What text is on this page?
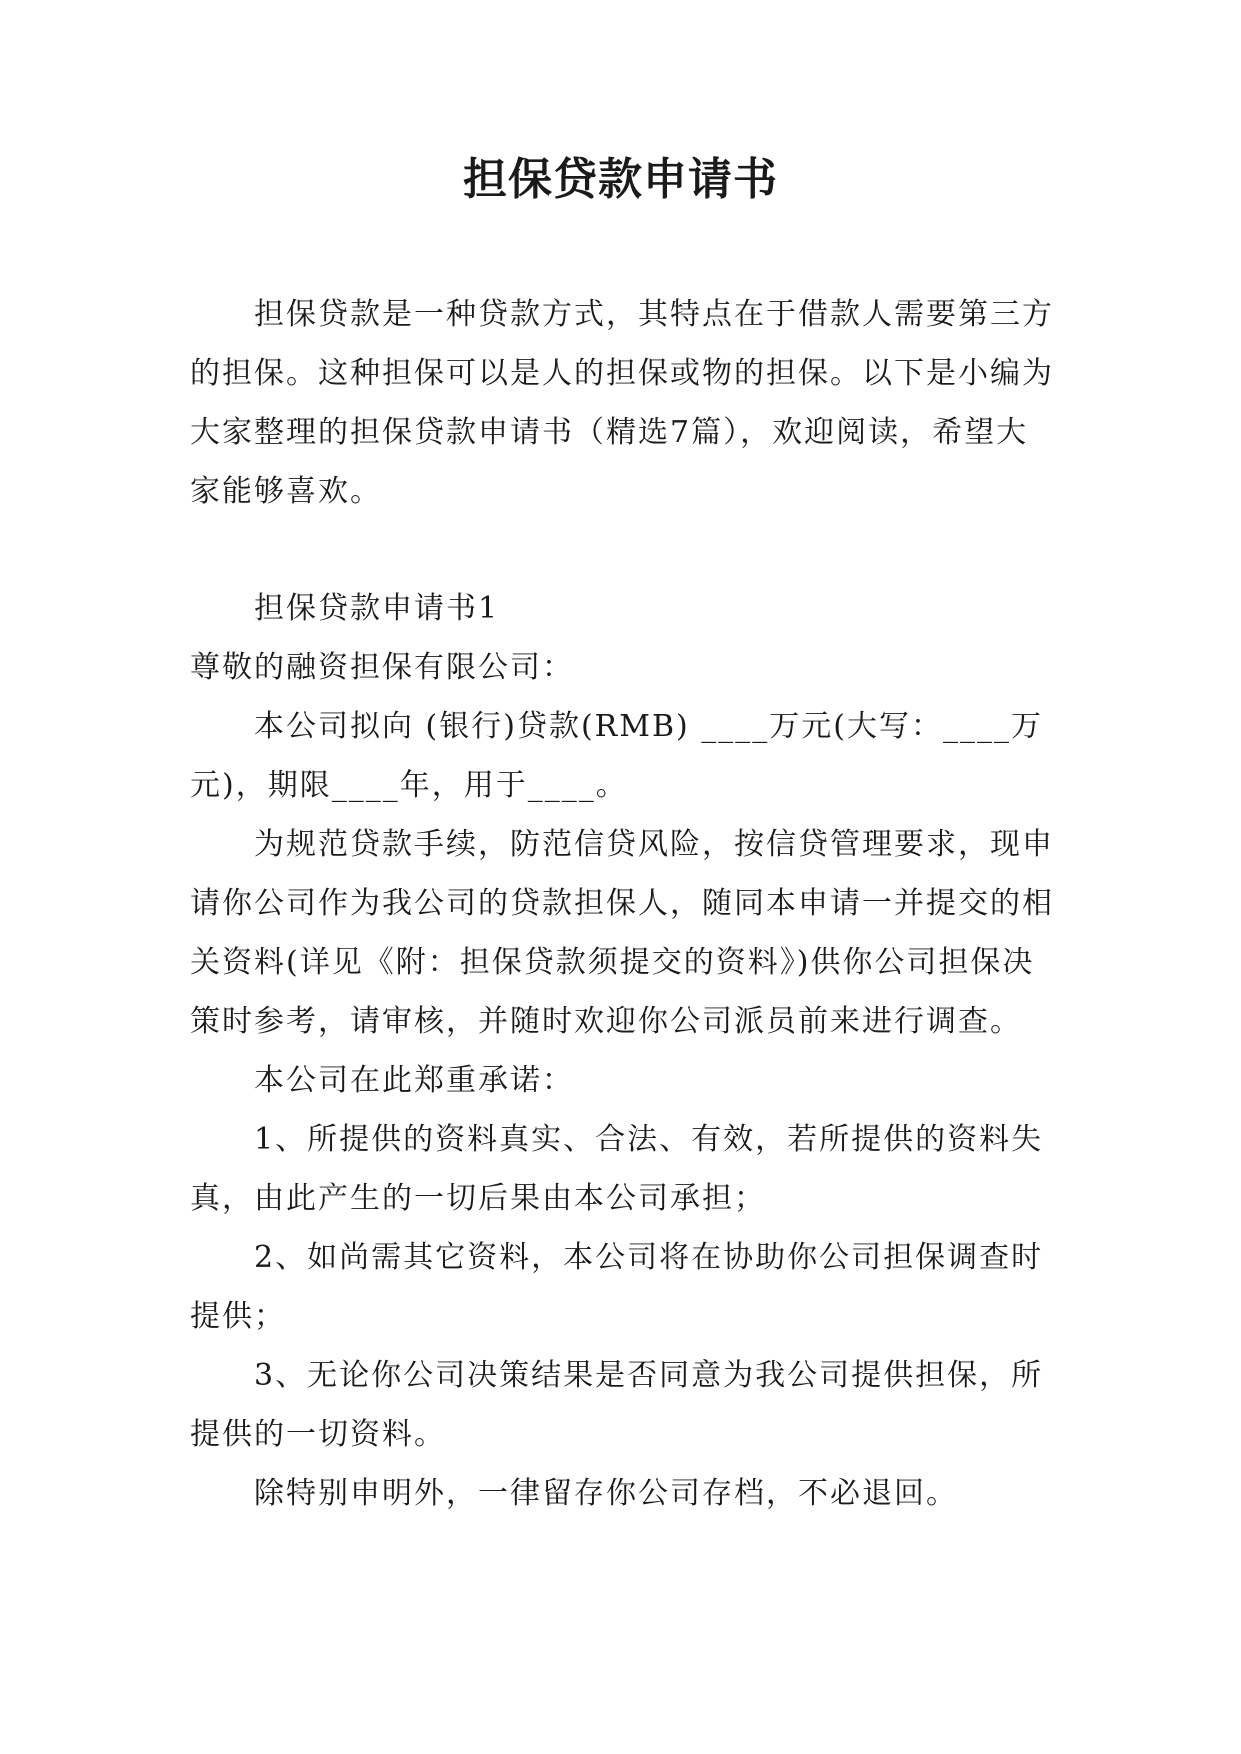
担保贷款申请书

担保贷款是一种贷款方式，其特点在于借款人需要第三方的担保。这种担保可以是人的担保或物的担保。以下是小编为大家整理的担保贷款申请书（精选7篇），欢迎阅读，希望大家能够喜欢。

担保贷款申请书1

尊敬的融资担保有限公司：

本公司拟向 (银行)贷款(RMB) ____万元(大写：____万元)，期限____年，用于____。

为规范贷款手续，防范信贷风险，按信贷管理要求，现申请你公司作为我公司的贷款担保人，随同本申请一并提交的相关资料(详见《附：担保贷款须提交的资料》)供你公司担保决策时参考，请审核，并随时欢迎你公司派员前来进行调查。

本公司在此郑重承诺：

1、所提供的资料真实、合法、有效，若所提供的资料失真，由此产生的一切后果由本公司承担；

2、如尚需其它资料，本公司将在协助你公司担保调查时提供；

3、无论你公司决策结果是否同意为我公司提供担保，所提供的一切资料。

除特别申明外，一律留存你公司存档，不必退回。
